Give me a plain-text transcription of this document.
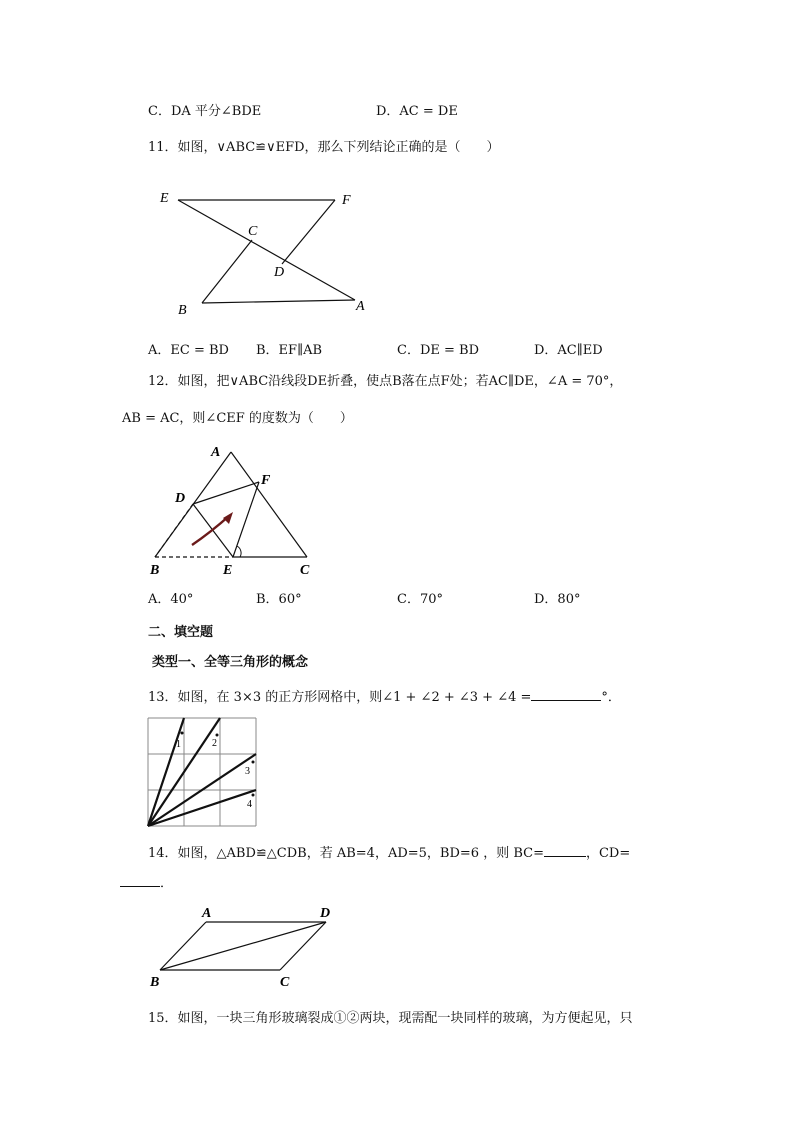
C．DA 平分∠BDE	D．AC = DE
11．如图，∨ABC≌∨EFD，那么下列结论正确的是（　　）
E	F
C
D
B	A
A．EC = BD B．EF∥AB	C．DE = BD	D．AC∥ED
12．如图，把∨ABC沿线段DE折叠，使点B落在点F处；若AC∥DE，∠A = 70°，
AB = AC，则∠CEF 的度数为（　　）
A
D
F
B	E	C
A．40°	B．60°	C．70°	D．80°
二、填空题
类型一、全等三角形的概念
13．如图，在 3×3 的正方形网格中，则∠1 + ∠2 + ∠3 + ∠4 =	°．
1	2
3
4
14．如图，△ABD≌△CDB，若 AB=4，AD=5，BD=6 ，则 BC=	，CD=
．
A	D
B	C
15．如图，一块三角形玻璃裂成①②两块，现需配一块同样的玻璃，为方便起见，只
